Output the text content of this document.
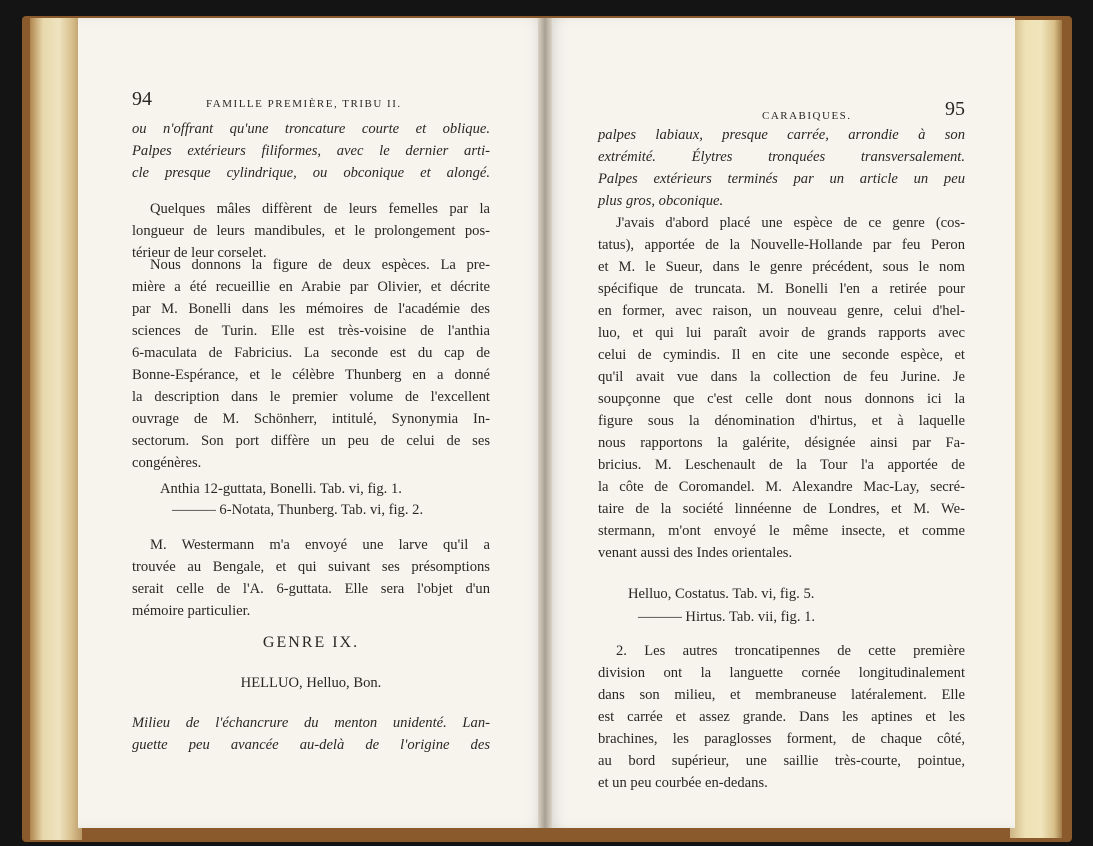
94	FAMILLE PREMIÈRE, TRIBU II.
ou n'offrant qu'une troncature courte et oblique.
Palpes extérieurs filiformes, avec le dernier arti-
cle presque cylindrique, ou obconique et alongé.
Quelques mâles diffèrent de leurs femelles par la
longueur de leurs mandibules, et le prolongement pos-
térieur de leur corselet.
Nous donnons la figure de deux espèces. La pre-
mière a été recueillie en Arabie par Olivier, et décrite
par M. Bonelli dans les mémoires de l'académie des
sciences de Turin. Elle est très-voisine de l'anthia
6-maculata de Fabricius. La seconde est du cap de
Bonne-Espérance, et le célèbre Thunberg en a donné
la description dans le premier volume de l'excellent
ouvrage de M. Schönherr, intitulé, Synonymia In-
sectorum. Son port diffère un peu de celui de ses
congénères.
Anthia 12-guttata, Bonelli. Tab. vi, fig. 1.
——— 6-Notata, Thunberg. Tab. vi, fig. 2.
M. Westermann m'a envoyé une larve qu'il a
trouvée au Bengale, et qui suivant ses présomptions
serait celle de l'A. 6-guttata. Elle sera l'objet d'un
mémoire particulier.
GENRE IX.
HELLUO, Helluo, Bon.
Milieu de l'échancrure du menton unidenté. Lan-
guette peu avancée au-delà de l'origine des
CARABIQUES.	95
palpes labiaux, presque carrée, arrondie à son
extrémité. Élytres tronquées transversalement.
Palpes extérieurs terminés par un article un peu
plus gros, obconique.
J'avais d'abord placé une espèce de ce genre (cos-
tatus), apportée de la Nouvelle-Hollande par feu Peron
et M. le Sueur, dans le genre précédent, sous le nom
spécifique de truncata. M. Bonelli l'en a retirée pour
en former, avec raison, un nouveau genre, celui d'hel-
luo, et qui lui paraît avoir de grands rapports avec
celui de cymindis. Il en cite une seconde espèce, et
qu'il avait vue dans la collection de feu Jurine. Je
soupçonne que c'est celle dont nous donnons ici la
figure sous la dénomination d'hirtus, et à laquelle
nous rapportons la galérite, désignée ainsi par Fa-
bricius. M. Leschenault de la Tour l'a apportée de
la côte de Coromandel. M. Alexandre Mac-Lay, secré-
taire de la société linnéenne de Londres, et M. We-
stermann, m'ont envoyé le même insecte, et comme
venant aussi des Indes orientales.
Helluo, Costatus. Tab. vi, fig. 5.
——— Hirtus. Tab. vii, fig. 1.
2. Les autres troncatipennes de cette première
division ont la languette cornée longitudinalement
dans son milieu, et membraneuse latéralement. Elle
est carrée et assez grande. Dans les aptines et les
brachines, les paraglosses forment, de chaque côté,
au bord supérieur, une saillie très-courte, pointue,
et un peu courbée en-dedans.
